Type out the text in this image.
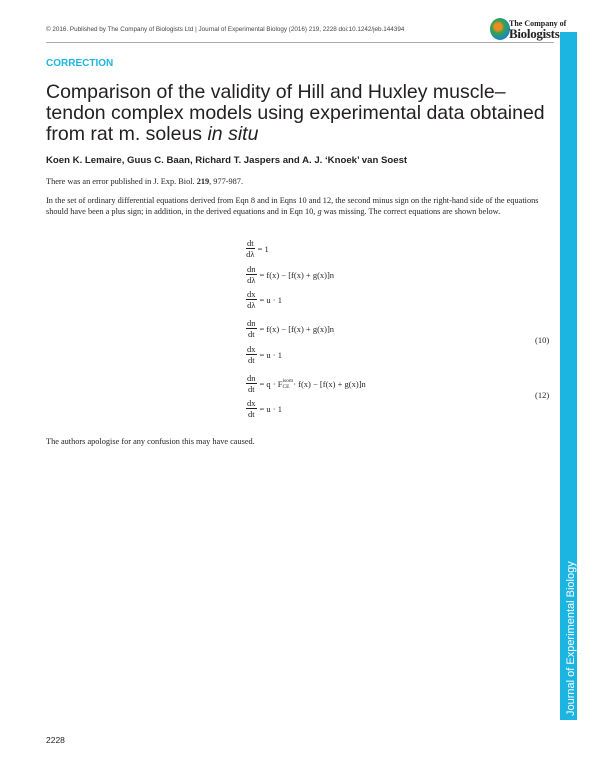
© 2016. Published by The Company of Biologists Ltd | Journal of Experimental Biology (2016) 219, 2228 doi:10.1242/jeb.144394
The Company of
Biologists
Journal of Experimental Biology
CORRECTION
Comparison of the validity of Hill and Huxley muscle–tendon complex models using experimental data obtained from rat m. soleus in situ
Koen K. Lemaire, Guus C. Baan, Richard T. Jaspers and A. J. ‘Knoek’ van Soest
There was an error published in J. Exp. Biol. 219, 977-987.
In the set of ordinary differential equations derived from Eqn 8 and in Eqns 10 and 12, the second minus sign on the right-hand side of the equations should have been a plus sign; in addition, in the derived equations and in Eqn 10, g was missing. The correct equations are shown below.
$\frac{dt}{d\lambda} = 1$
$\frac{dn}{d\lambda} = f(x) - [f(x) + g(x)]n$
$\frac{dx}{d\lambda} = u \cdot 1$
$\frac{dn}{dt} = f(x) - [f(x) + g(x)]n$
$\frac{dx}{dt} = u \cdot 1$
(10)
$\frac{dn}{dt} = q \cdot F$ isom
CE · f(x) − [f(x) + g(x)]n
$\frac{dx}{dt} = u \cdot 1$
(12)
The authors apologise for any confusion this may have caused.
2228
